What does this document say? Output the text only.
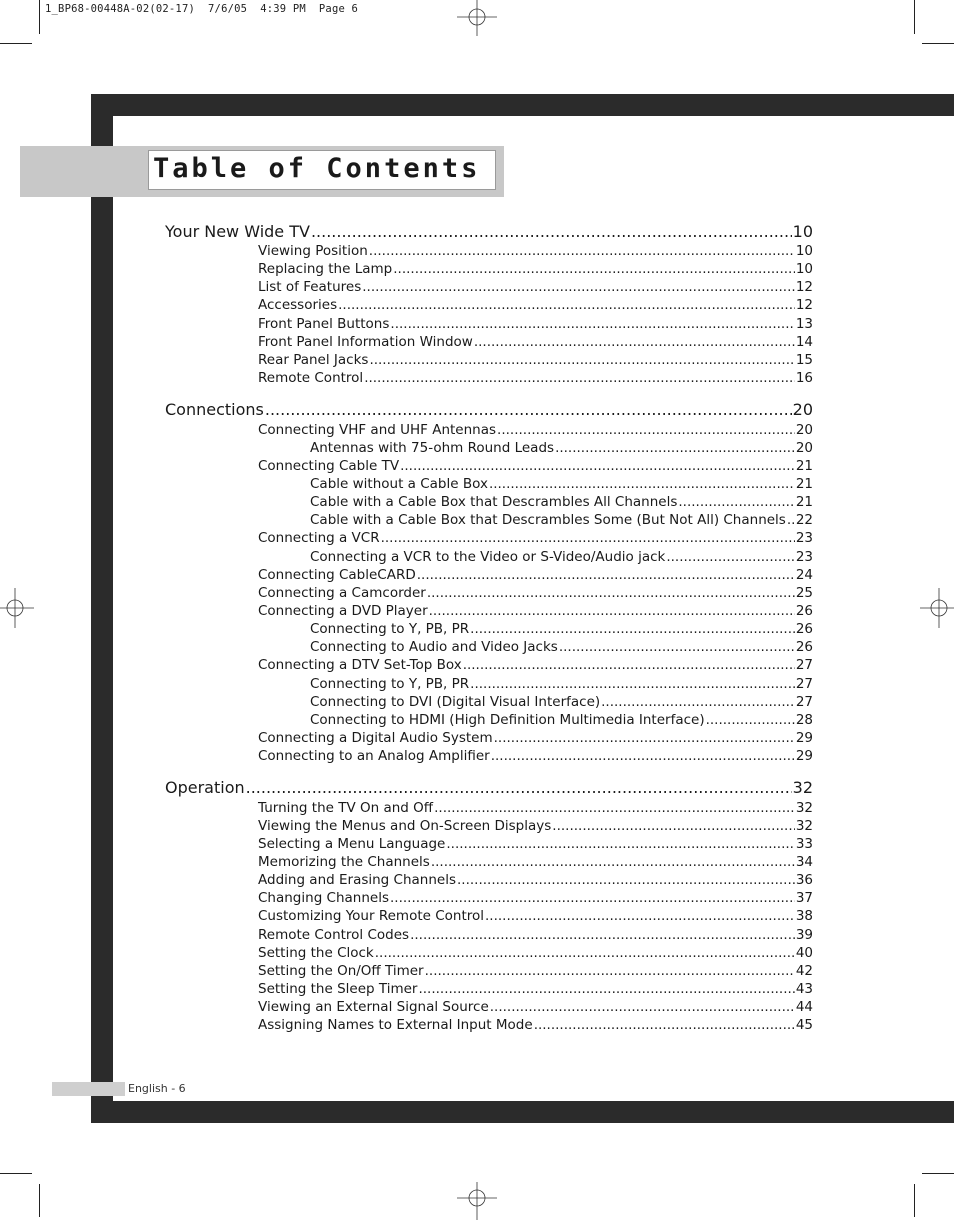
1_BP68-00448A-02(02-17)  7/6/05  4:39 PM  Page 6
Table of Contents
Your New Wide TV .....	10
Viewing Position .....	10
Replacing the Lamp .....	10
List of Features .....	12
Accessories .....	12
Front Panel Buttons .....	13
Front Panel Information Window .....	14
Rear Panel Jacks .....	15
Remote Control .....	16
Connections .....	20
Connecting VHF and UHF Antennas .....	20
Antennas with 75-ohm Round Leads .....	20
Connecting Cable TV .....	21
Cable without a Cable Box .....	21
Cable with a Cable Box that Descrambles All Channels .....	21
Cable with a Cable Box that Descrambles Some (But Not All) Channels ..... 22
Connecting a VCR .....	23
Connecting a VCR to the Video or S-Video/Audio jack .....	23
Connecting CableCARD .....	24
Connecting a Camcorder .....	25
Connecting a DVD Player .....	26
Connecting to Y, PB, PR .....	26
Connecting to Audio and Video Jacks .....	26
Connecting a DTV Set-Top Box .....	27
Connecting to Y, PB, PR .....	27
Connecting to DVI (Digital Visual Interface) .....	27
Connecting to HDMI (High Definition Multimedia Interface) .....	28
Connecting a Digital Audio System .....	29
Connecting to an Analog Amplifier .....	29
Operation .....	32
Turning the TV On and Off .....	32
Viewing the Menus and On-Screen Displays .....	32
Selecting a Menu Language .....	33
Memorizing the Channels .....	34
Adding and Erasing Channels .....	36
Changing Channels .....	37
Customizing Your Remote Control .....	38
Remote Control Codes .....	39
Setting the Clock .....	40
Setting the On/Off Timer .....	42
Setting the Sleep Timer .....	43
Viewing an External Signal Source .....	44
Assigning Names to External Input Mode .....	45
English - 6
